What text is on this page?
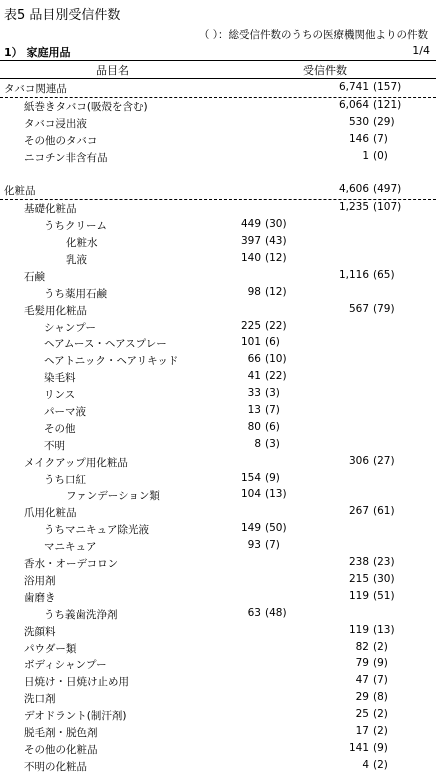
表5 品目別受信件数
（ ）：総受信件数のうちの医療機関他よりの件数
1） 家庭用品	1/4
品目名	受信件数
タバコ関連品	6,741 (157)
紙巻きタバコ(吸殻を含む)	6,064 (121)
タバコ浸出液	530 (29)
その他のタバコ	146 (7)
ニコチン非含有品	1 (0)
化粧品	4,606 (497)
基礎化粧品	1,235 (107)
うちクリーム	449 (30)
化粧水	397 (43)
乳液	140 (12)
石鹸	1,116 (65)
うち薬用石鹸	98 (12)
毛髪用化粧品	567 (79)
シャンプー	225 (22)
ヘアムース・ヘアスプレー	101 (6)
ヘアトニック・ヘアリキッド	66 (10)
染毛料	41 (22)
リンス	33 (3)
パーマ液	13 (7)
その他	80 (6)
不明	8 (3)
メイクアップ用化粧品	306 (27)
うち口紅	154 (9)
ファンデーション類	104 (13)
爪用化粧品	267 (61)
うちマニキュア除光液	149 (50)
マニキュア	93 (7)
香水・オーデコロン	238 (23)
浴用剤	215 (30)
歯磨き	119 (51)
うち義歯洗浄剤	63 (48)
洗顔料	119 (13)
パウダー類	82 (2)
ボディシャンプー	79 (9)
日焼け・日焼け止め用	47 (7)
洗口剤	29 (8)
デオドラント(制汗剤)	25 (2)
脱毛剤・脱色剤	17 (2)
その他の化粧品	141 (9)
不明の化粧品	4 (2)
